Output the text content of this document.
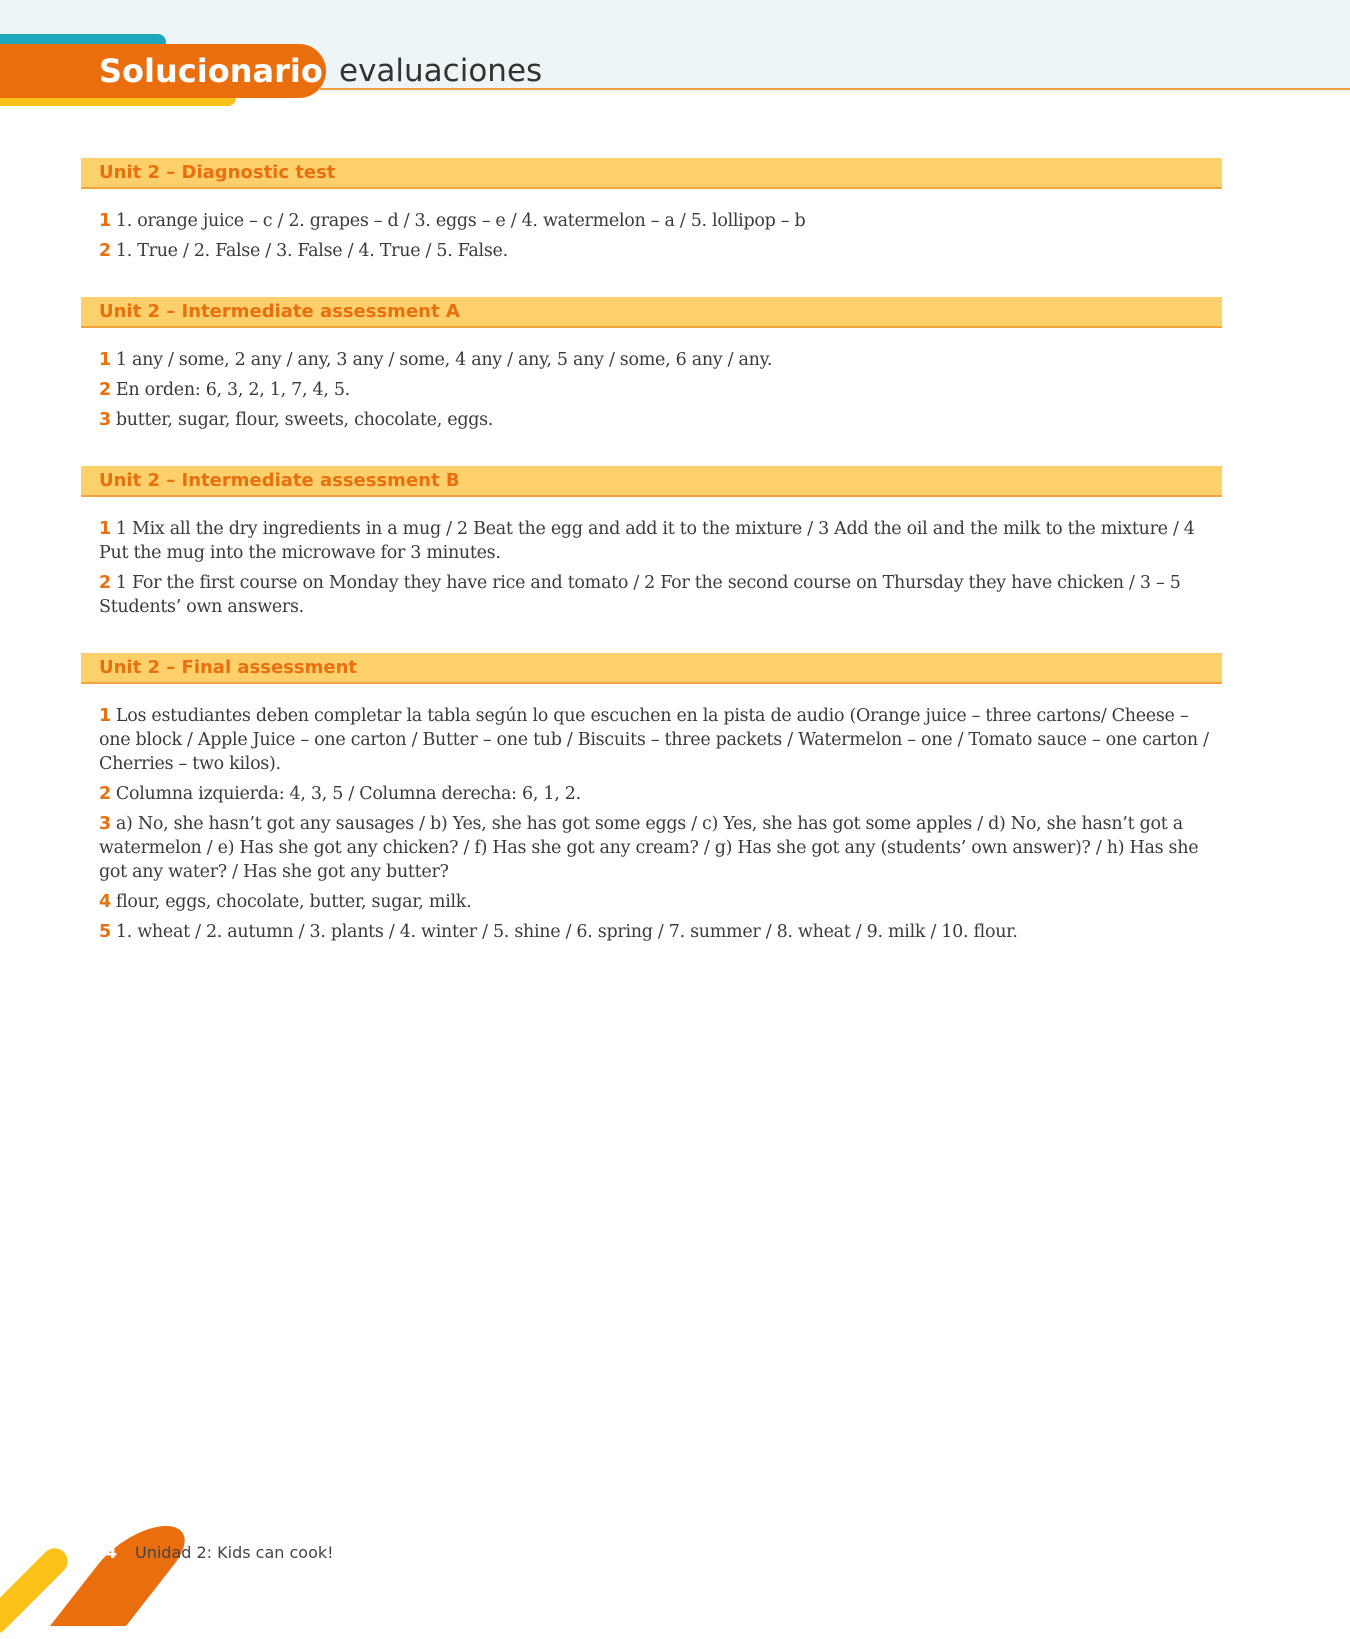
Solucionario evaluaciones
Unit 2 – Diagnostic test
1 1. orange juice – c / 2. grapes – d / 3. eggs – e / 4. watermelon – a / 5. lollipop – b
2 1. True / 2. False / 3. False / 4. True / 5. False.
Unit 2 – Intermediate assessment A
1 1 any / some, 2 any / any, 3 any / some, 4 any / any, 5 any / some, 6 any / any.
2 En orden: 6, 3, 2, 1, 7, 4, 5.
3 butter, sugar, flour, sweets, chocolate, eggs.
Unit 2 – Intermediate assessment B
1 1 Mix all the dry ingredients in a mug / 2 Beat the egg and add it to the mixture / 3 Add the oil and the milk to the mixture / 4 Put the mug into the microwave for 3 minutes.
2 1 For the first course on Monday they have rice and tomato / 2 For the second course on Thursday they have chicken / 3 – 5 Students’ own answers.
Unit 2 – Final assessment
1 Los estudiantes deben completar la tabla según lo que escuchen en la pista de audio (Orange juice – three cartons/ Cheese – one block / Apple Juice – one carton / Butter – one tub / Biscuits – three packets / Watermelon – one / Tomato sauce – one carton / Cherries – two kilos).
2 Columna izquierda: 4, 3, 5 / Columna derecha: 6, 1, 2.
3 a) No, she hasn’t got any sausages / b) Yes, she has got some eggs / c) Yes, she has got some apples / d) No, she hasn’t got a watermelon / e) Has she got any chicken? / f) Has she got any cream? / g) Has she got any (students’ own answer)? / h) Has she got any water? / Has she got any butter?
4 flour, eggs, chocolate, butter, sugar, milk.
5 1. wheat / 2. autumn / 3. plants / 4. winter / 5. shine / 6. spring / 7. summer / 8. wheat / 9. milk / 10. flour.
74	Unidad 2: Kids can cook!
